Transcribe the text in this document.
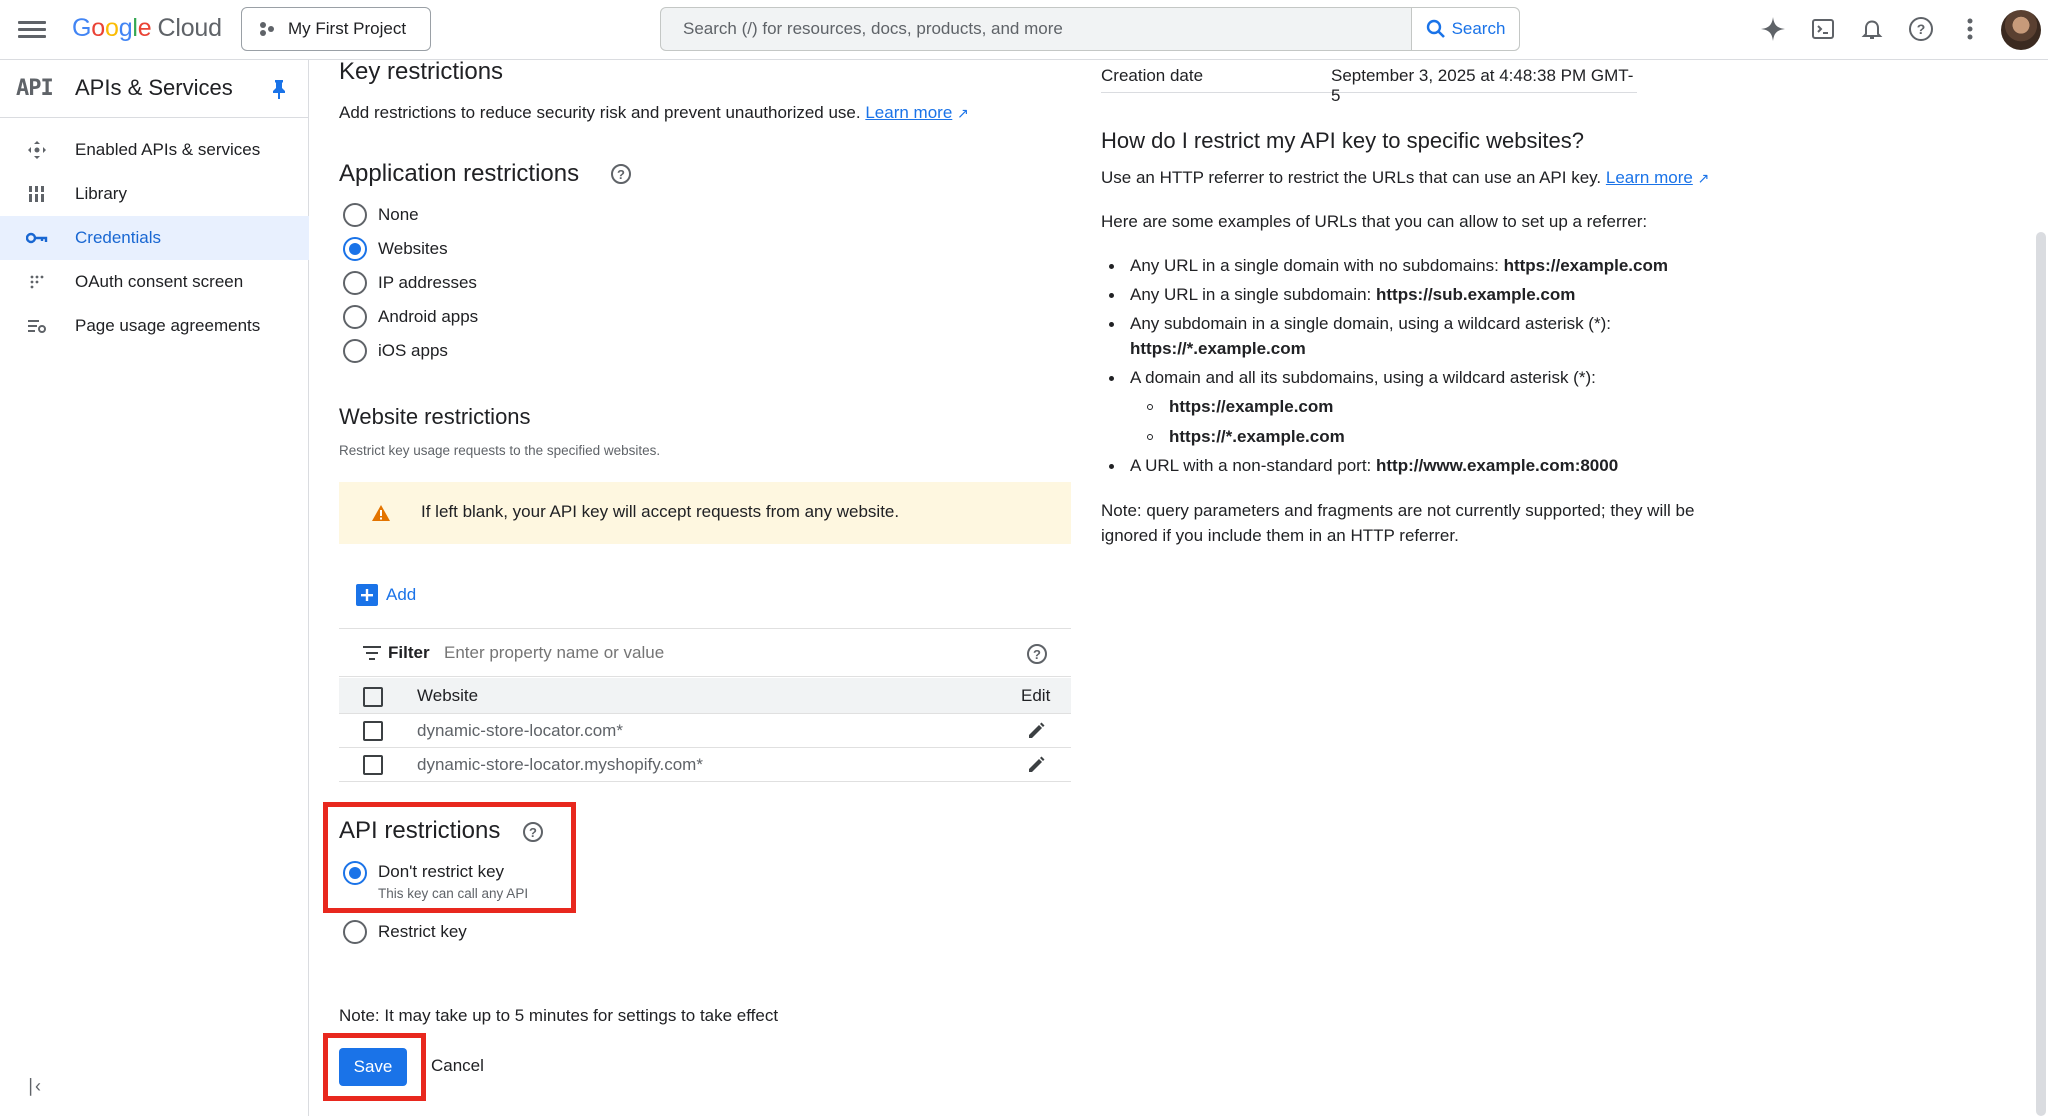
Google Cloud	My First Project
Search (/) for resources, docs, products, and more	Search	?
API APIs & Services
Enabled APIs & services
Library
Credentials
OAuth consent screen
Page usage agreements
∣‹
Key restrictions
Add restrictions to reduce security risk and prevent unauthorized use. Learn more ↗
Application restrictions	?
None
Websites
IP addresses
Android apps
iOS apps
Website restrictions
Restrict key usage requests to the specified websites.
If left blank, your API key will accept requests from any website.
Add
Filter
Enter property name or value	?
Website	Edit
dynamic-store-locator.com*
dynamic-store-locator.myshopify.com*
API restrictions	?
Don't restrict key
This key can call any API
Restrict key
Note: It may take up to 5 minutes for settings to take effect
Save	Cancel
Creation date	September 3, 2025 at 4:48:38 PM GMT-5
How do I restrict my API key to specific websites?
Use an HTTP referrer to restrict the URLs that can use an API key. Learn more ↗
Here are some examples of URLs that you can allow to set up a referrer:
Any URL in a single domain with no subdomains: https://example.com
Any URL in a single subdomain: https://sub.example.com
Any subdomain in a single domain, using a wildcard asterisk (*):
https://*.example.com
A domain and all its subdomains, using a wildcard asterisk (*):
https://example.com
https://*.example.com
A URL with a non-standard port: http://www.example.com:8000
Note: query parameters and fragments are not currently supported; they will be
ignored if you include them in an HTTP referrer.
